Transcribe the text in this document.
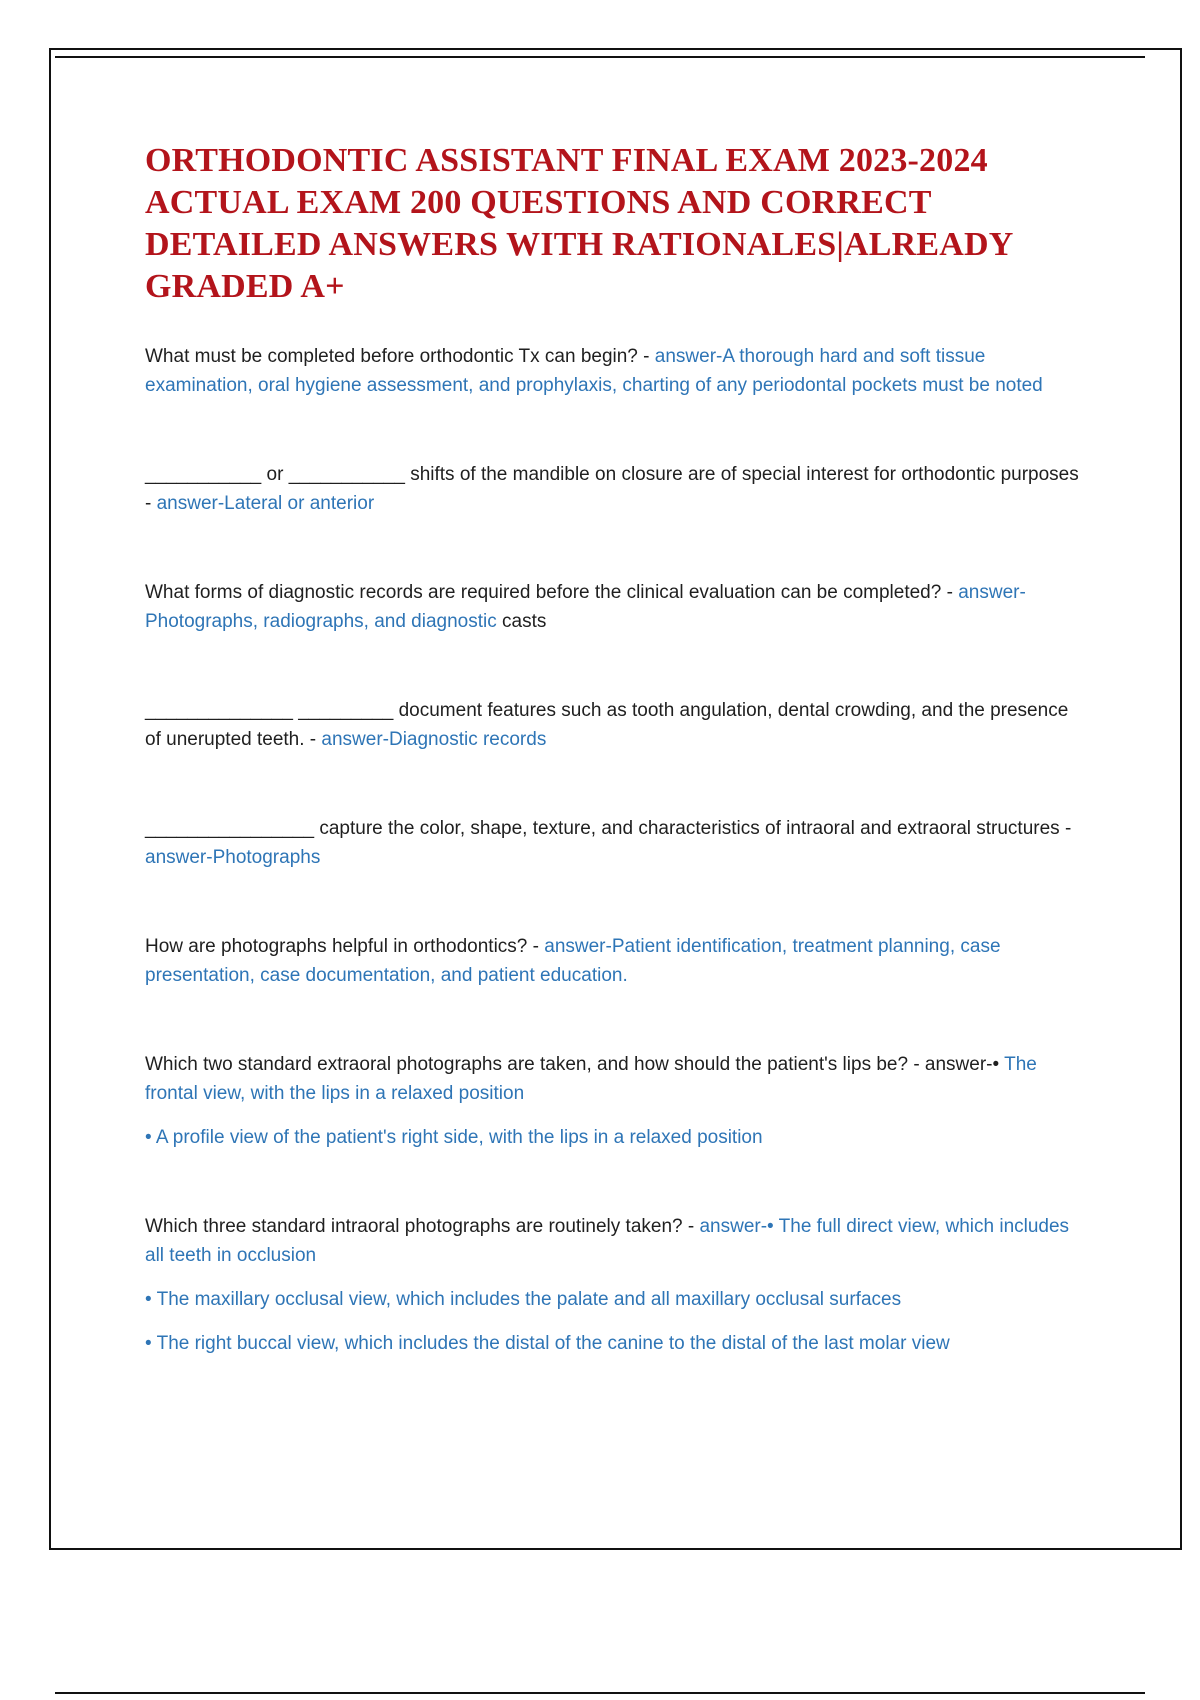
ORTHODONTIC ASSISTANT FINAL EXAM 2023-2024 ACTUAL EXAM 200 QUESTIONS AND CORRECT DETAILED ANSWERS WITH RATIONALES|ALREADY GRADED A+

What must be completed before orthodontic Tx can begin? - answer-A thorough hard and soft tissue examination, oral hygiene assessment, and prophylaxis, charting of any periodontal pockets must be noted

___________ or ___________ shifts of the mandible on closure are of special interest for orthodontic purposes - answer-Lateral or anterior

What forms of diagnostic records are required before the clinical evaluation can be completed? - answer-Photographs, radiographs, and diagnostic casts

______________ _________ document features such as tooth angulation, dental crowding, and the presence of unerupted teeth. - answer-Diagnostic records

________________ capture the color, shape, texture, and characteristics of intraoral and extraoral structures - answer-Photographs

How are photographs helpful in orthodontics? - answer-Patient identification, treatment planning, case presentation, case documentation, and patient education.

Which two standard extraoral photographs are taken, and how should the patient's lips be? - answer-• The frontal view, with the lips in a relaxed position

• A profile view of the patient's right side, with the lips in a relaxed position

Which three standard intraoral photographs are routinely taken? - answer-• The full direct view, which includes all teeth in occlusion

• The maxillary occlusal view, which includes the palate and all maxillary occlusal surfaces

• The right buccal view, which includes the distal of the canine to the distal of the last molar view
